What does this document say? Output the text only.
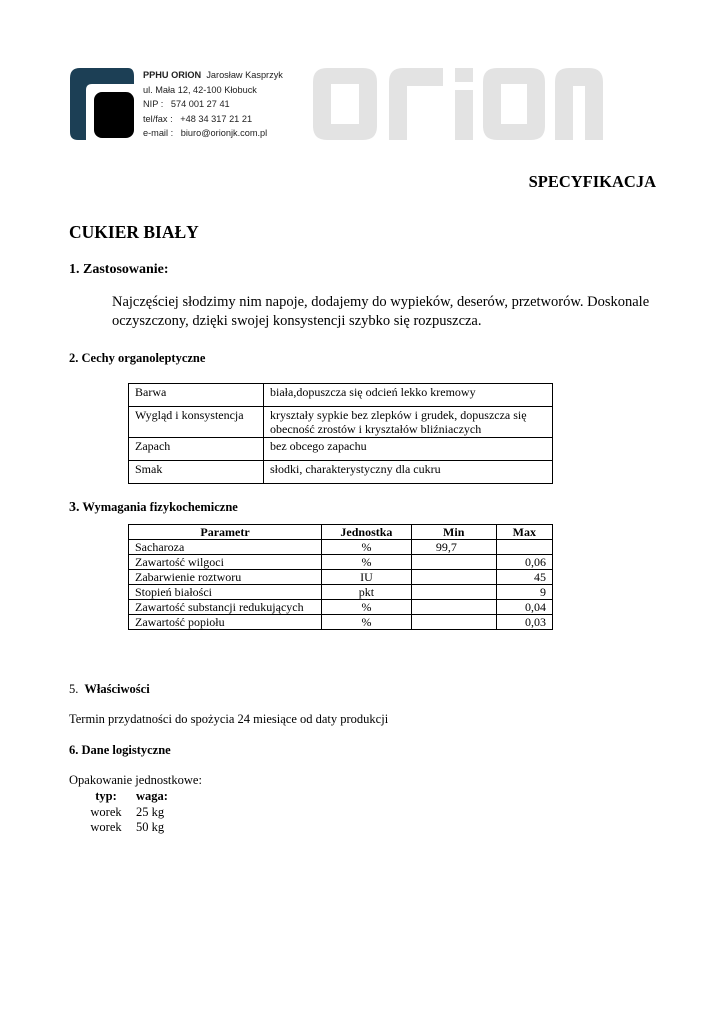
PPHU ORION Jarosław Kasprzyk
ul. Mała 12, 42-100 Kłobuck
NIP :   574 001 27 41
tel/fax :   +48 34 317 21 21
e-mail :   biuro@orionjk.com.pl
SPECYFIKACJA
CUKIER BIAŁY
1. Zastosowanie:
Najczęściej słodzimy nim napoje, dodajemy do wypieków, deserów, przetworów. Doskonale oczyszczony, dzięki swojej konsystencji szybko się rozpuszcza.
2. Cechy organoleptyczne
Barwa	biała,dopuszcza się odcień lekko kremowy
Wygląd i konsystencja	kryształy sypkie bez zlepków i grudek, dopuszcza się obecność zrostów i kryształów bliźniaczych
Zapach	bez obcego zapachu
Smak	słodki, charakterystyczny dla cukru
3. Wymagania fizykochemiczne
Parametr	Jednostka	Min	Max
Sacharoza	%	99,7	
Zawartość wilgoci	%		0,06
Zabarwienie roztworu	IU		45
Stopień białości	pkt		9
Zawartość substancji redukujących	%		0,04
Zawartość popiołu	%		0,03
5. Właściwości
Termin przydatności do spożycia 24 miesiące od daty produkcji
6. Dane logistyczne
Opakowanie jednostkowe:
typ:	waga:
worek	25 kg
worek	50 kg
